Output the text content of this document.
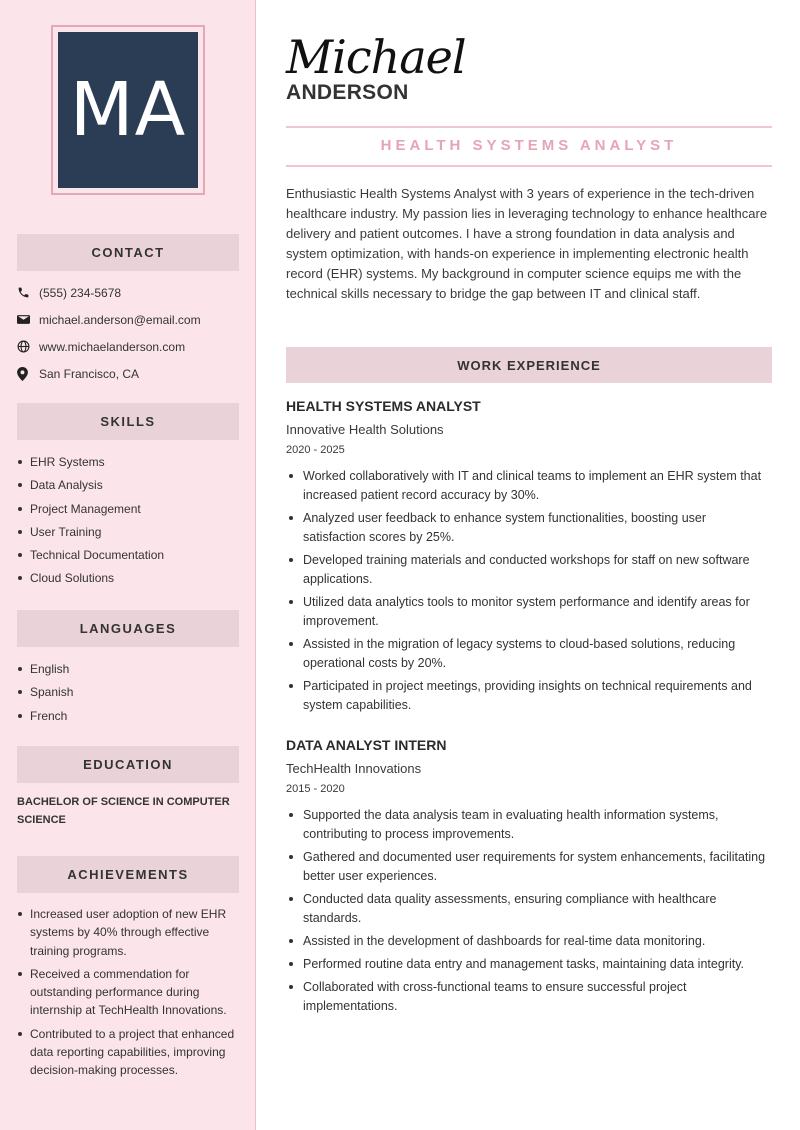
MA
CONTACT
(555) 234-5678
michael.anderson@email.com
www.michaelanderson.com
San Francisco, CA
SKILLS
EHR Systems
Data Analysis
Project Management
User Training
Technical Documentation
Cloud Solutions
LANGUAGES
English
Spanish
French
EDUCATION
BACHELOR OF SCIENCE IN COMPUTER SCIENCE
ACHIEVEMENTS
Increased user adoption of new EHR systems by 40% through effective training programs.
Received a commendation for outstanding performance during internship at TechHealth Innovations.
Contributed to a project that enhanced data reporting capabilities, improving decision-making processes.
Michael
ANDERSON
HEALTH SYSTEMS ANALYST

Enthusiastic Health Systems Analyst with 3 years of experience in the tech-driven healthcare industry. My passion lies in leveraging technology to enhance healthcare delivery and patient outcomes. I have a strong foundation in data analysis and system optimization, with hands-on experience in implementing electronic health record (EHR) systems. My background in computer science equips me with the technical skills necessary to bridge the gap between IT and clinical staff.

WORK EXPERIENCE
HEALTH SYSTEMS ANALYST
Innovative Health Solutions
2020 - 2025
Worked collaboratively with IT and clinical teams to implement an EHR system that increased patient record accuracy by 30%.
Analyzed user feedback to enhance system functionalities, boosting user satisfaction scores by 25%.
Developed training materials and conducted workshops for staff on new software applications.
Utilized data analytics tools to monitor system performance and identify areas for improvement.
Assisted in the migration of legacy systems to cloud-based solutions, reducing operational costs by 20%.
Participated in project meetings, providing insights on technical requirements and system capabilities.
DATA ANALYST INTERN
TechHealth Innovations
2015 - 2020
Supported the data analysis team in evaluating health information systems, contributing to process improvements.
Gathered and documented user requirements for system enhancements, facilitating better user experiences.
Conducted data quality assessments, ensuring compliance with healthcare standards.
Assisted in the development of dashboards for real-time data monitoring.
Performed routine data entry and management tasks, maintaining data integrity.
Collaborated with cross-functional teams to ensure successful project implementations.
